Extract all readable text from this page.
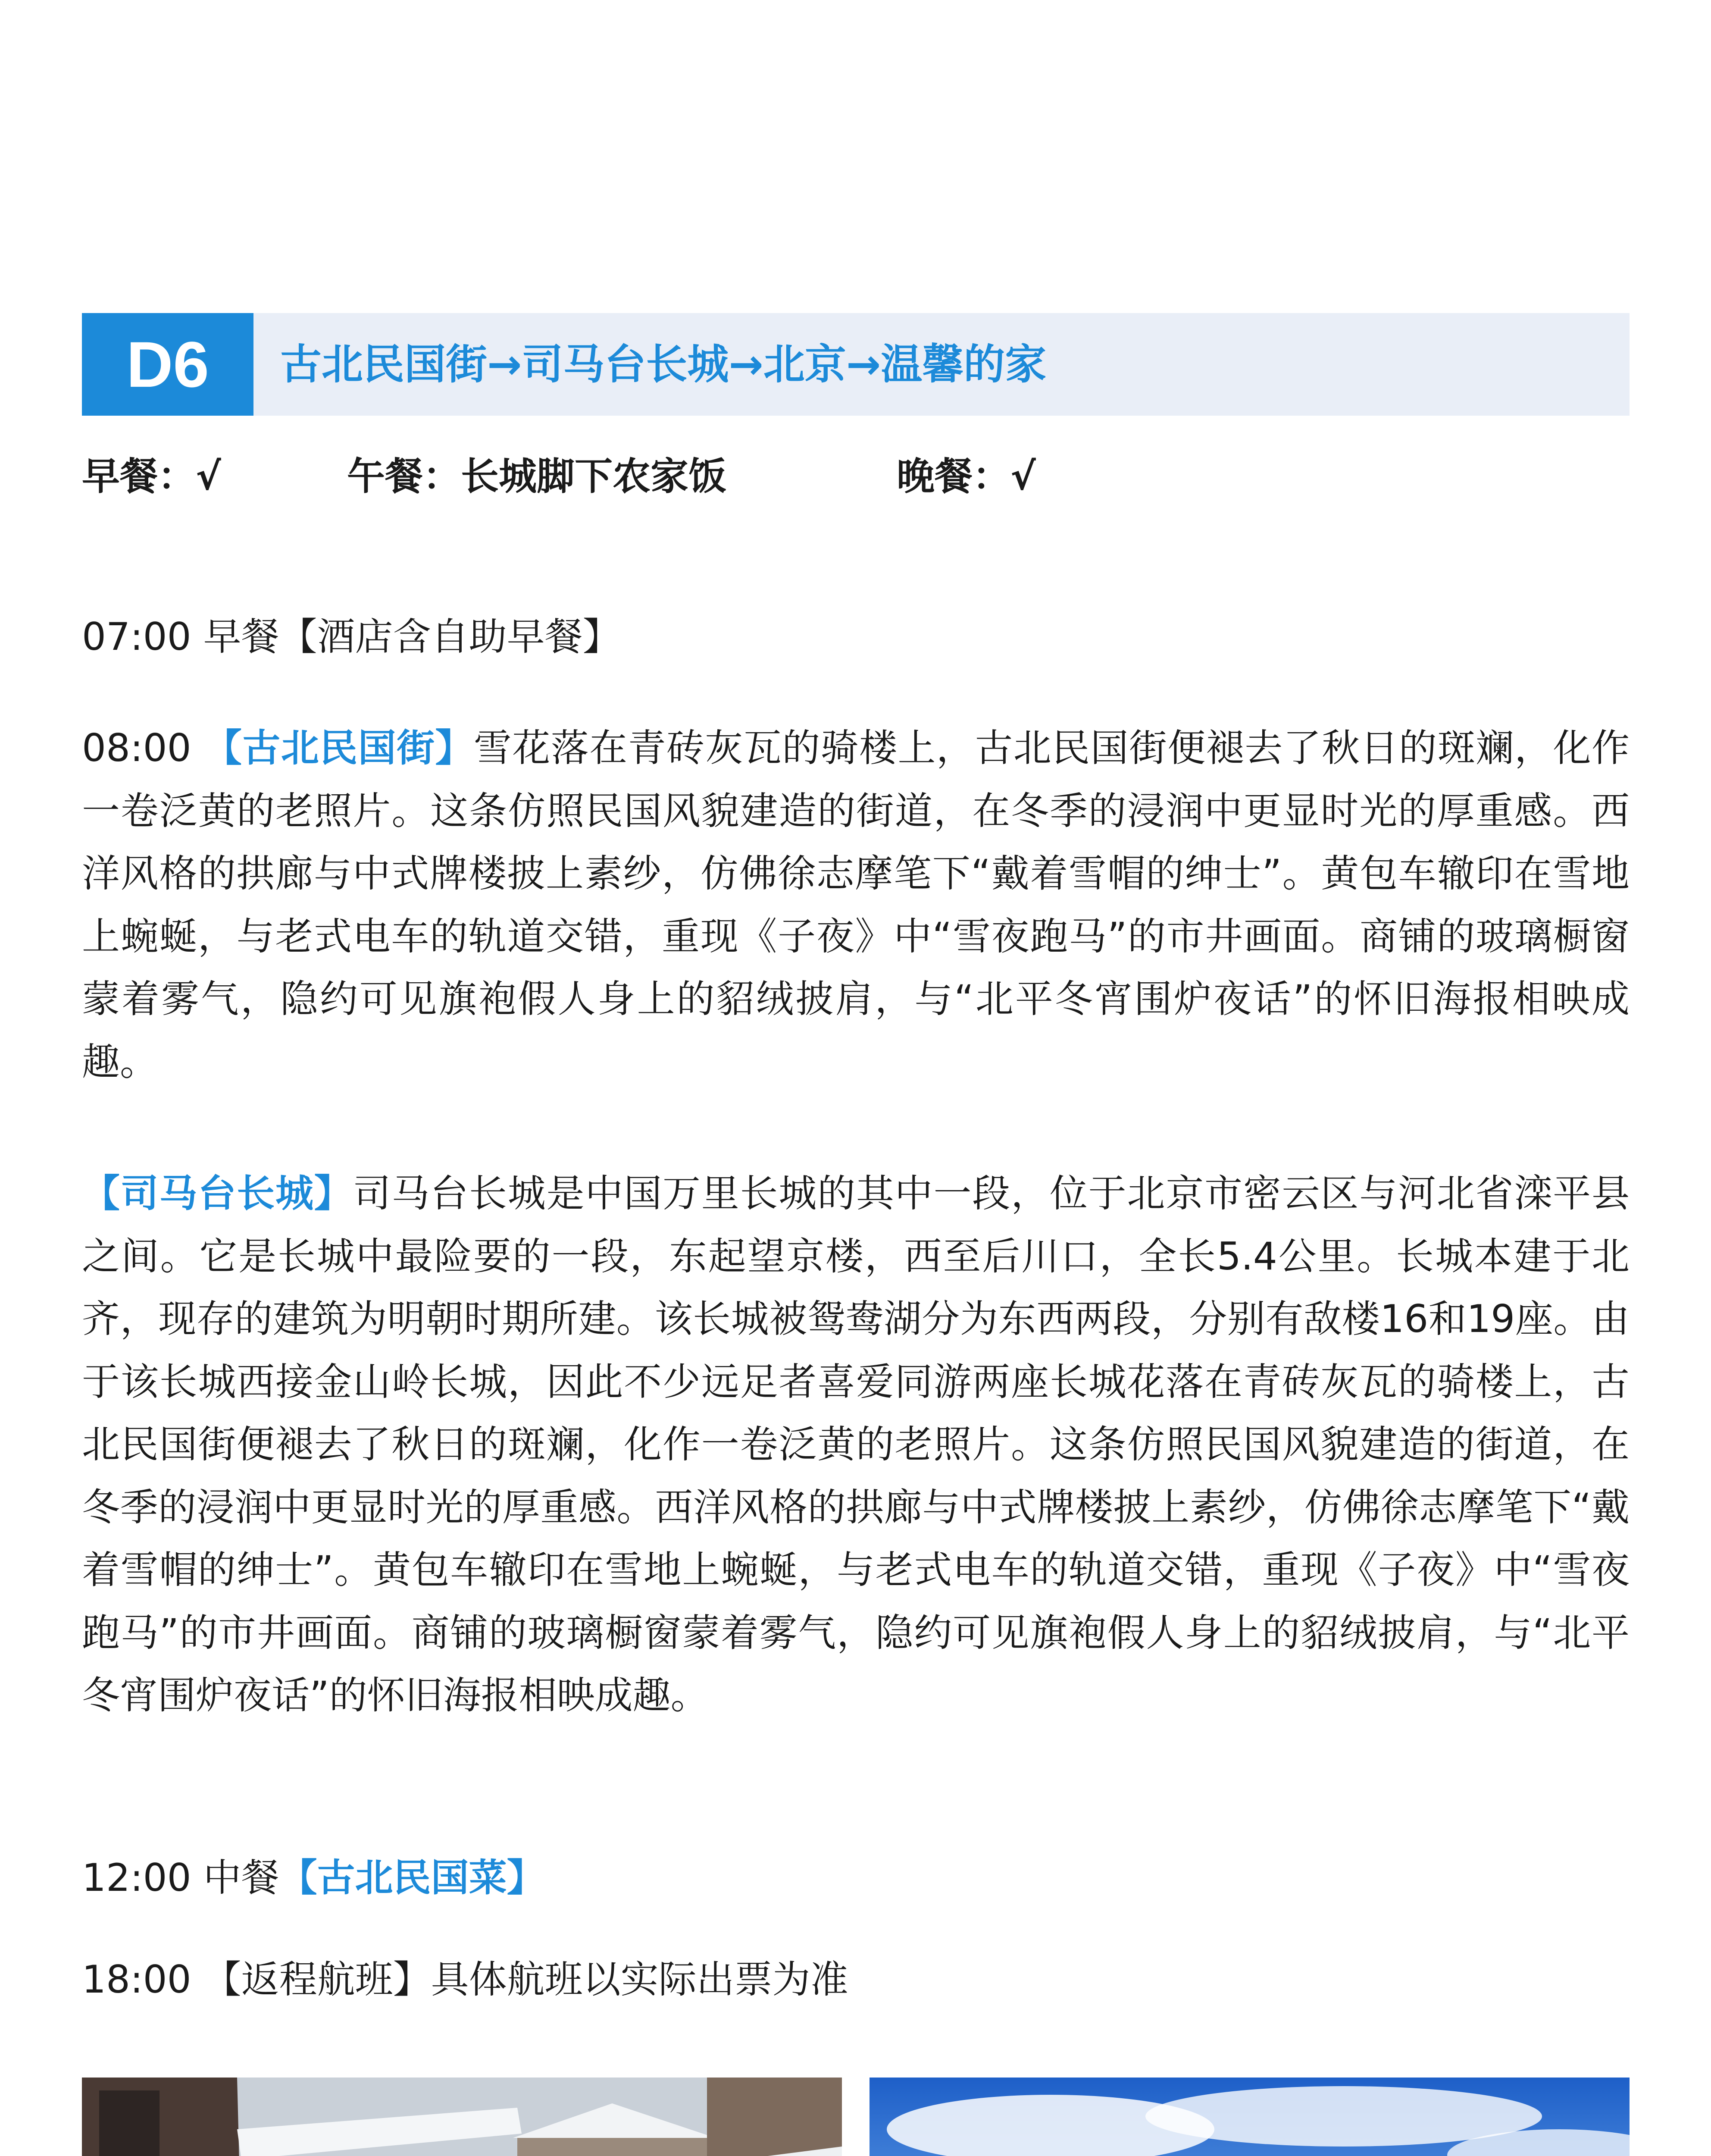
D6	古北民国街→司马台长城→北京→温馨的家
早餐：√	午餐：长城脚下农家饭	晚餐：√
07:00 早餐【酒店含自助早餐】
08:00 【古北民国街】雪花落在青砖灰瓦的骑楼上，古北民国街便褪去了秋日的斑斓，化作一卷泛黄的老照片。这条仿照民国风貌建造的街道，在冬季的浸润中更显时光的厚重感。西洋风格的拱廊与中式牌楼披上素纱，仿佛徐志摩笔下“戴着雪帽的绅士”。黄包车辙印在雪地上蜿蜒，与老式电车的轨道交错，重现《子夜》中“雪夜跑马”的市井画面。商铺的玻璃橱窗蒙着雾气，隐约可见旗袍假人身上的貂绒披肩，与“北平冬宵围炉夜话”的怀旧海报相映成趣。
【司马台长城】司马台长城是中国万里长城的其中一段，位于北京市密云区与河北省滦平县之间。它是长城中最险要的一段，东起望京楼，西至后川口，全长5.4公里。长城本建于北齐，现存的建筑为明朝时期所建。该长城被鸳鸯湖分为东西两段，分别有敌楼16和19座。由于该长城西接金山岭长城，因此不少远足者喜爱同游两座长城花落在青砖灰瓦的骑楼上，古北民国街便褪去了秋日的斑斓，化作一卷泛黄的老照片。这条仿照民国风貌建造的街道，在冬季的浸润中更显时光的厚重感。西洋风格的拱廊与中式牌楼披上素纱，仿佛徐志摩笔下“戴着雪帽的绅士”。黄包车辙印在雪地上蜿蜒，与老式电车的轨道交错，重现《子夜》中“雪夜跑马”的市井画面。商铺的玻璃橱窗蒙着雾气，隐约可见旗袍假人身上的貂绒披肩，与“北平冬宵围炉夜话”的怀旧海报相映成趣。
12:00 中餐【古北民国菜】
18:00 【返程航班】具体航班以实际出票为准
